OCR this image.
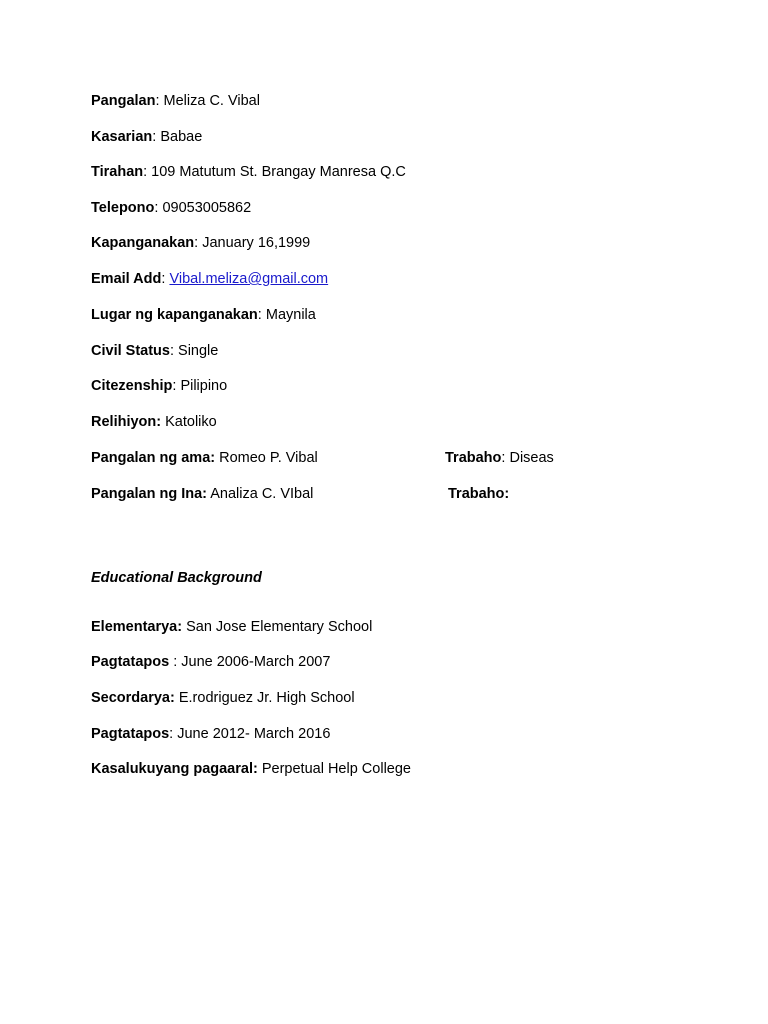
Pangalan: Meliza C. Vibal
Kasarian: Babae
Tirahan: 109 Matutum St. Brangay Manresa Q.C
Telepono: 09053005862
Kapanganakan: January 16,1999
Email Add: Vibal.meliza@gmail.com
Lugar ng kapanganakan: Maynila
Civil Status: Single
Citezenship: Pilipino
Relihiyon: Katoliko
Pangalan ng ama: Romeo P. Vibal	Trabaho: Diseas
Pangalan ng Ina: Analiza C. VIbal	Trabaho:
Educational Background
Elementarya: San Jose Elementary School
Pagtatapos : June 2006-March 2007
Secordarya: E.rodriguez Jr. High School
Pagtatapos: June 2012- March 2016
Kasalukuyang pagaaral: Perpetual Help College
